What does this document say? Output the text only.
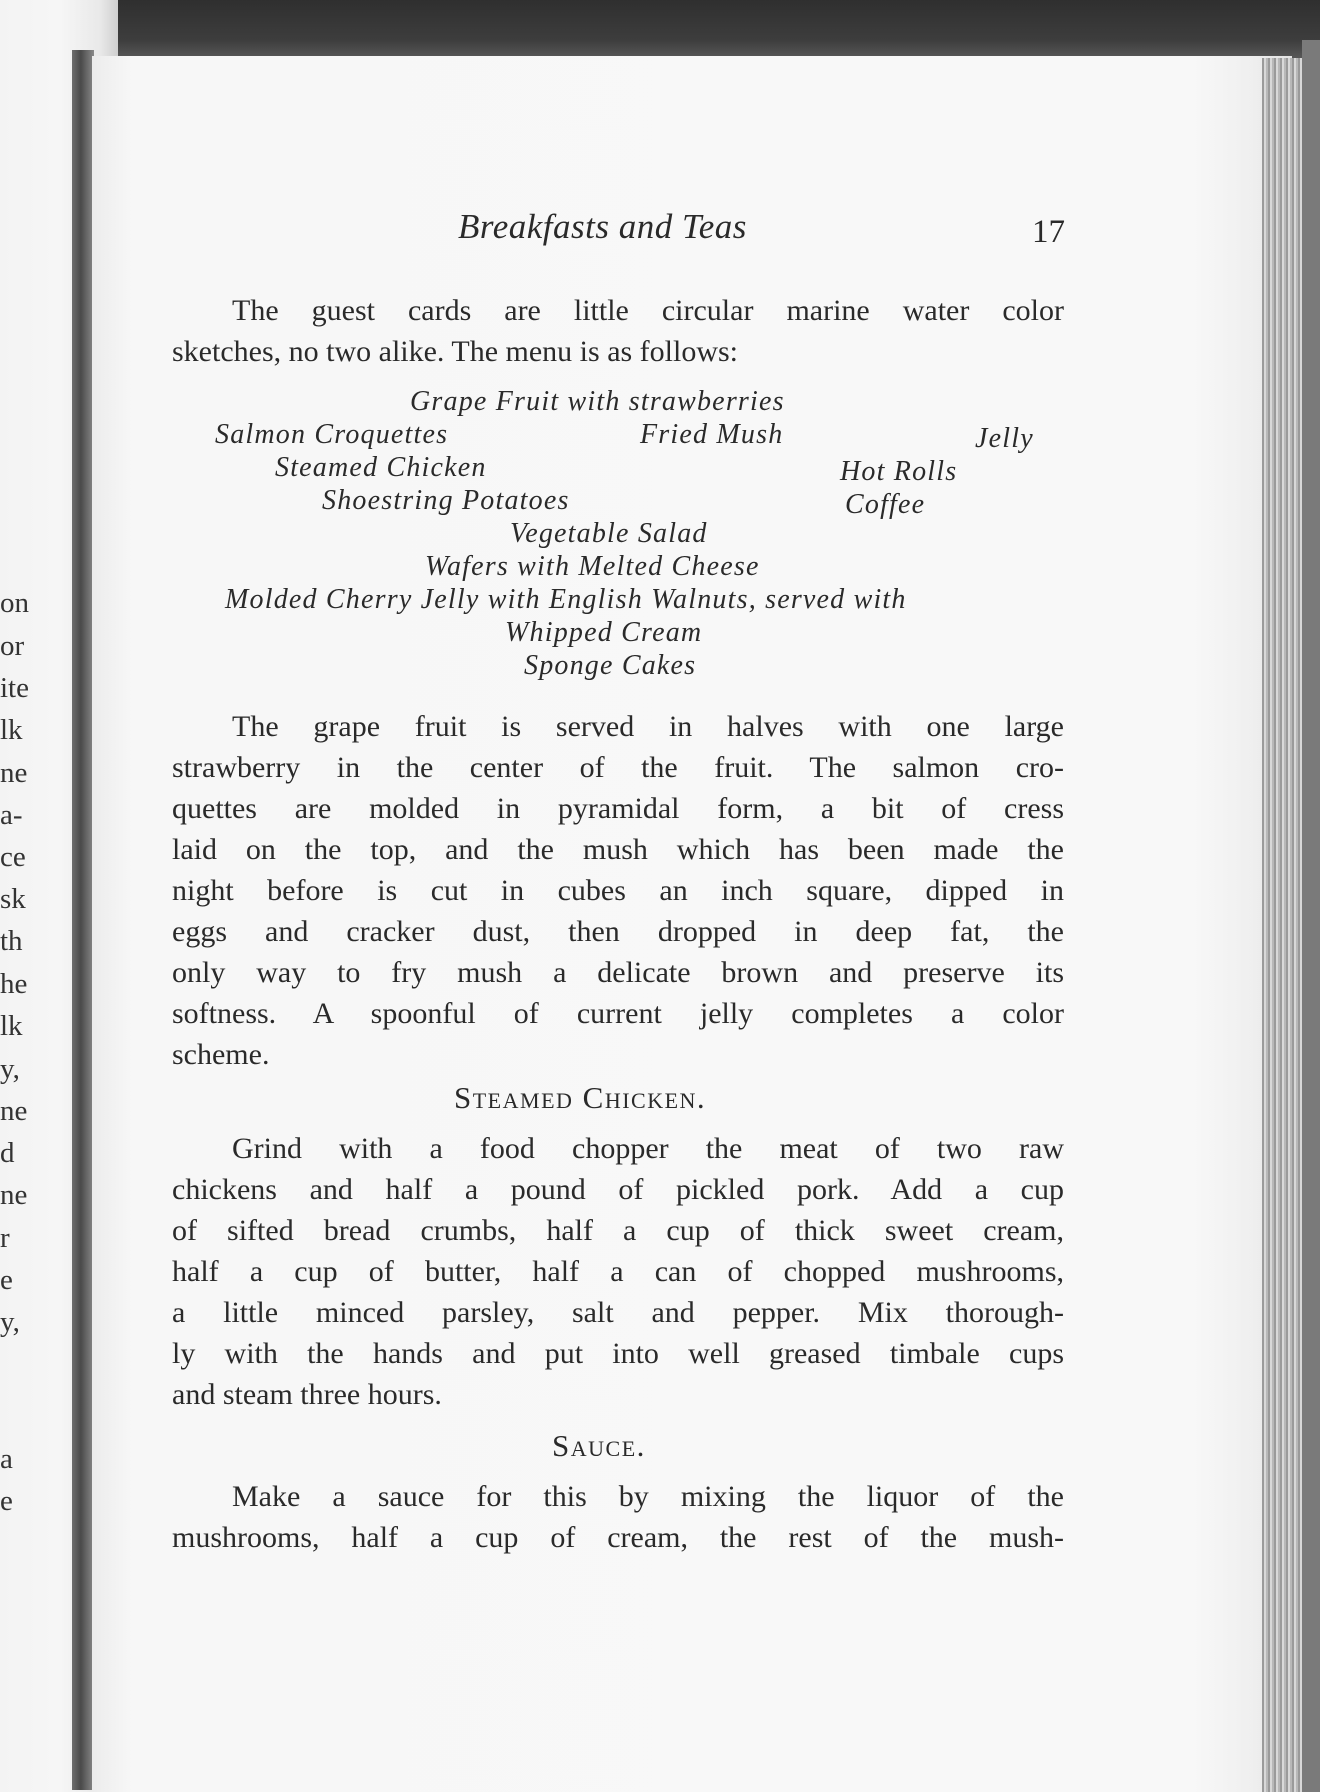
on
or
ite
lk
ne
a-
ce
sk
th
he
lk
y,
ne
d
ne
r
e
y,
a
e
Breakfasts and Teas	17

The guest cards are little circular marine water color
sketches, no two alike. The menu is as follows:

Grape Fruit with strawberries
Salmon Croquettes	Fried Mush	Jelly
Steamed Chicken	Hot Rolls
Shoestring Potatoes	Coffee
Vegetable Salad
Wafers with Melted Cheese
Molded Cherry Jelly with English Walnuts, served with
Whipped Cream
Sponge Cakes

The grape fruit is served in halves with one large
strawberry in the center of the fruit. The salmon cro-
quettes are molded in pyramidal form, a bit of cress
laid on the top, and the mush which has been made the
night before is cut in cubes an inch square, dipped in
eggs and cracker dust, then dropped in deep fat, the
only way to fry mush a delicate brown and preserve its
softness. A spoonful of current jelly completes a color
scheme.

Steamed Chicken.

Grind with a food chopper the meat of two raw
chickens and half a pound of pickled pork. Add a cup
of sifted bread crumbs, half a cup of thick sweet cream,
half a cup of butter, half a can of chopped mushrooms,
a little minced parsley, salt and pepper. Mix thorough-
ly with the hands and put into well greased timbale cups
and steam three hours.

Sauce.

Make a sauce for this by mixing the liquor of the
mushrooms, half a cup of cream, the rest of the mush-
